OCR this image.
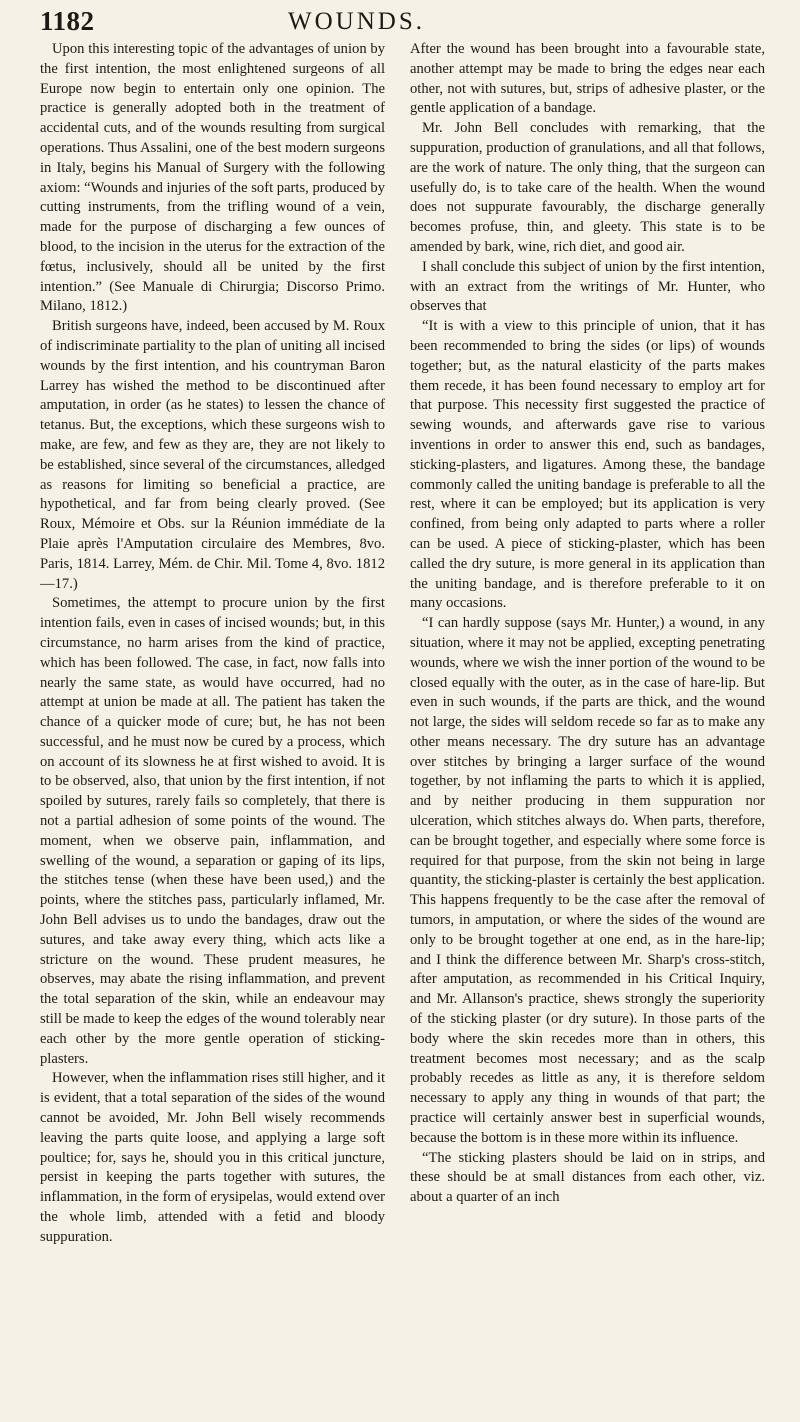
1182	WOUNDS.

Upon this interesting topic of the advantages of union by the first intention, the most enlightened surgeons of all Europe now begin to entertain only one opinion. The practice is generally adopted both in the treatment of accidental cuts, and of the wounds resulting from surgical operations. Thus Assalini, one of the best modern surgeons in Italy, begins his Manual of Surgery with the following axiom: “Wounds and injuries of the soft parts, produced by cutting instruments, from the trifling wound of a vein, made for the purpose of discharging a few ounces of blood, to the incision in the uterus for the extraction of the fœtus, inclusively, should all be united by the first intention.” (See Manuale di Chirurgia; Discorso Primo. Milano, 1812.)

British surgeons have, indeed, been accused by M. Roux of indiscriminate partiality to the plan of uniting all incised wounds by the first intention, and his countryman Baron Larrey has wished the method to be discontinued after amputation, in order (as he states) to lessen the chance of tetanus. But, the exceptions, which these surgeons wish to make, are few, and few as they are, they are not likely to be established, since several of the circumstances, alledged as reasons for limiting so beneficial a practice, are hypothetical, and far from being clearly proved. (See Roux, Mémoire et Obs. sur la Réunion immédiate de la Plaie après l'Amputation circulaire des Membres, 8vo. Paris, 1814. Larrey, Mém. de Chir. Mil. Tome 4, 8vo. 1812—17.)

Sometimes, the attempt to procure union by the first intention fails, even in cases of incised wounds; but, in this circumstance, no harm arises from the kind of practice, which has been followed. The case, in fact, now falls into nearly the same state, as would have occurred, had no attempt at union be made at all. The patient has taken the chance of a quicker mode of cure; but, he has not been successful, and he must now be cured by a process, which on account of its slowness he at first wished to avoid. It is to be observed, also, that union by the first intention, if not spoiled by sutures, rarely fails so completely, that there is not a partial adhesion of some points of the wound. The moment, when we observe pain, inflammation, and swelling of the wound, a separation or gaping of its lips, the stitches tense (when these have been used,) and the points, where the stitches pass, particularly inflamed, Mr. John Bell advises us to undo the bandages, draw out the sutures, and take away every thing, which acts like a stricture on the wound. These prudent measures, he observes, may abate the rising inflammation, and prevent the total separation of the skin, while an endeavour may still be made to keep the edges of the wound tolerably near each other by the more gentle operation of sticking-plasters.

However, when the inflammation rises still higher, and it is evident, that a total separation of the sides of the wound cannot be avoided, Mr. John Bell wisely recommends leaving the parts quite loose, and applying a large soft poultice; for, says he, should you in this critical juncture, persist in keeping the parts together with sutures, the inflammation, in the form of erysipelas, would extend over the whole limb, attended with a fetid and bloody suppuration.

After the wound has been brought into a favourable state, another attempt may be made to bring the edges near each other, not with sutures, but, strips of adhesive plaster, or the gentle application of a bandage.

Mr. John Bell concludes with remarking, that the suppuration, production of granulations, and all that follows, are the work of nature. The only thing, that the surgeon can usefully do, is to take care of the health. When the wound does not suppurate favourably, the discharge generally becomes profuse, thin, and gleety. This state is to be amended by bark, wine, rich diet, and good air.

I shall conclude this subject of union by the first intention, with an extract from the writings of Mr. Hunter, who observes that

“It is with a view to this principle of union, that it has been recommended to bring the sides (or lips) of wounds together; but, as the natural elasticity of the parts makes them recede, it has been found necessary to employ art for that purpose. This necessity first suggested the practice of sewing wounds, and afterwards gave rise to various inventions in order to answer this end, such as bandages, sticking-plasters, and ligatures. Among these, the bandage commonly called the uniting bandage is preferable to all the rest, where it can be employed; but its application is very confined, from being only adapted to parts where a roller can be used. A piece of sticking-plaster, which has been called the dry suture, is more general in its application than the uniting bandage, and is therefore preferable to it on many occasions.

“I can hardly suppose (says Mr. Hunter,) a wound, in any situation, where it may not be applied, excepting penetrating wounds, where we wish the inner portion of the wound to be closed equally with the outer, as in the case of hare-lip. But even in such wounds, if the parts are thick, and the wound not large, the sides will seldom recede so far as to make any other means necessary. The dry suture has an advantage over stitches by bringing a larger surface of the wound together, by not inflaming the parts to which it is applied, and by neither producing in them suppuration nor ulceration, which stitches always do. When parts, therefore, can be brought together, and especially where some force is required for that purpose, from the skin not being in large quantity, the sticking-plaster is certainly the best application. This happens frequently to be the case after the removal of tumors, in amputation, or where the sides of the wound are only to be brought together at one end, as in the hare-lip; and I think the difference between Mr. Sharp's cross-stitch, after amputation, as recommended in his Critical Inquiry, and Mr. Allanson's practice, shews strongly the superiority of the sticking plaster (or dry suture). In those parts of the body where the skin recedes more than in others, this treatment becomes most necessary; and as the scalp probably recedes as little as any, it is therefore seldom necessary to apply any thing in wounds of that part; the practice will certainly answer best in superficial wounds, because the bottom is in these more within its influence.

“The sticking plasters should be laid on in strips, and these should be at small distances from each other, viz. about a quarter of an inch
